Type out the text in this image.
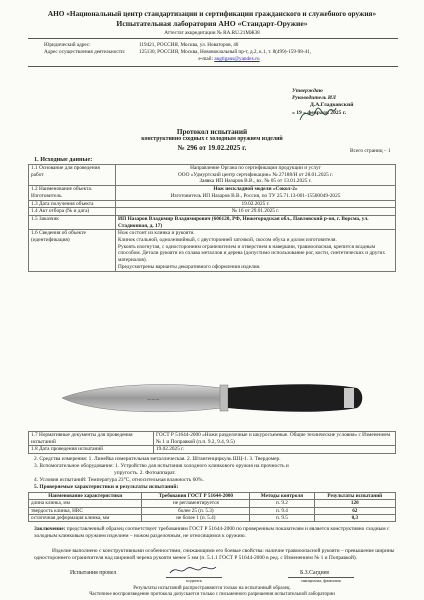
АНО «Национальный центр стандартизации и сертификации гражданского и служебного оружия»
Испытательная лаборатория АНО «Стандарт-Оружие»
Аттестат аккредитации № RA.RU.21МЖ38
Юридический адрес:	119421, РОССИЯ, Москва, ул. Новаторов, 40
Адрес осуществления деятельности:	125130, РОССИЯ, Москва, Нововокзальный пр-т, д.2, к.1, т. 8(499)-159-98-41,
e-mail: angtigaus@yandex.ru
Утверждаю
Руководитель ИЛ
Д.А.Гладковский
« 19 » февраля 2025 г.
Протокол испытаний
конструктивно сходных с холодным оружием изделий
№ 296 от 19.02.2025 г.	Всего страниц – 1
1. Исходные данные:
1.1 Основание для проведения работ	Направление Органа по сертификации продукции и услуг
ООО «Удмуртский центр сертификации» № 27188/Н от 28.01.2025 г.
Заявка ИП Назаров В.В., вх. № 05 от 13.01.2025 г.

1.2 Наименование объекта. Изготовитель	Нож нескладной модели «Сокол-2»
Изготовитель ИП Назаров В.В., Россия, по ТУ 25.71.13-001-15500049-2025

1.3 Дата получения объекта	19.02.2025 г.

1.4 Акт отбора (№ и дата)	№ 16 от 29.01.2025 г.

1.5 Заказчик	ИП Назаров Владимир Владимирович (606120, РФ, Нижегородская обл., Павловский р-он, г. Ворсма, ул. Стадионная, д. 17)

1.6 Сведения об объекте (идентификация)	Нож состоит из клинка и рукояти.
Клинок стальной, однолезвийный, с двусторонней заточкой, скосом обуха и долом изготовителя.
Рукоять изогнутая, с односторонним ограничителем и отверстием в навершии, травмоопасная, крепится всадным способом. Детали рукояти из сплава металлов и дерева (допустимо использование рог, кости, синтетических и других материалов).
Предусмотрены варианты декоративного оформления изделия.
~~~
1.7 Нормативные документы для проведения испытаний	ГОСТ Р 51644-2000 «Ножи разделочные и шкуросъемные. Общие технические условия» с Изменением № 1 и Поправкой (п.п. 9.2, 9.4, 9.5)
1.8 Дата проведения испытаний	19.02.2025 г.
2. Средства измерения: 1. Линейка измерительная металлическая. 2. Штангенциркуль ШЦ-1. 3. Твердомер.
3. Вспомогательное оборудование: 1. Устройство для испытания холодного клинкового оружия на прочность и
упругость. 2. Фотоаппарат.
4. Условия испытаний: Температура 23°С, относительная влажность 60%.
5. Проверяемые характеристики и результаты испытаний:
Наименование характеристики	Требования ГОСТ Р 51644-2000	Методы контроля	Результаты испытаний
длина клинка, мм	не регламентируется	п. 9.2	120
твердость клинка, HRC	более 25 (п. 5.3)	п. 9.4	62
остаточная деформация клинка, мм	не более 1 (п. 5.4)	п. 9.5	0,3
Заключение: представленный образец соответствует требованиям ГОСТ Р 51644-2000 по проверенным показателям и является конструктивно сходным с холодным клинковым оружием изделием – ножом разделочным, не относящимся к оружию.
Изделие выполнено с конструктивными особенностями, снижающими его боевые свойства: наличие травмоопасной рукояти – превышение ширины одностороннего ограничителя над шириной черена рукояти менее 5 мм (п. 5.1.1 ГОСТ Р 51644-2000 в ред. с Изменением № 1 и Поправкой).
Испытания провел
подпись
Б.З.Сагдиев
инициалы, фамилия
Результаты испытаний распространяются только на испытанный образец.
Частичное воспроизведение протокола допускается только с письменного разрешения испытательной лаборатории
